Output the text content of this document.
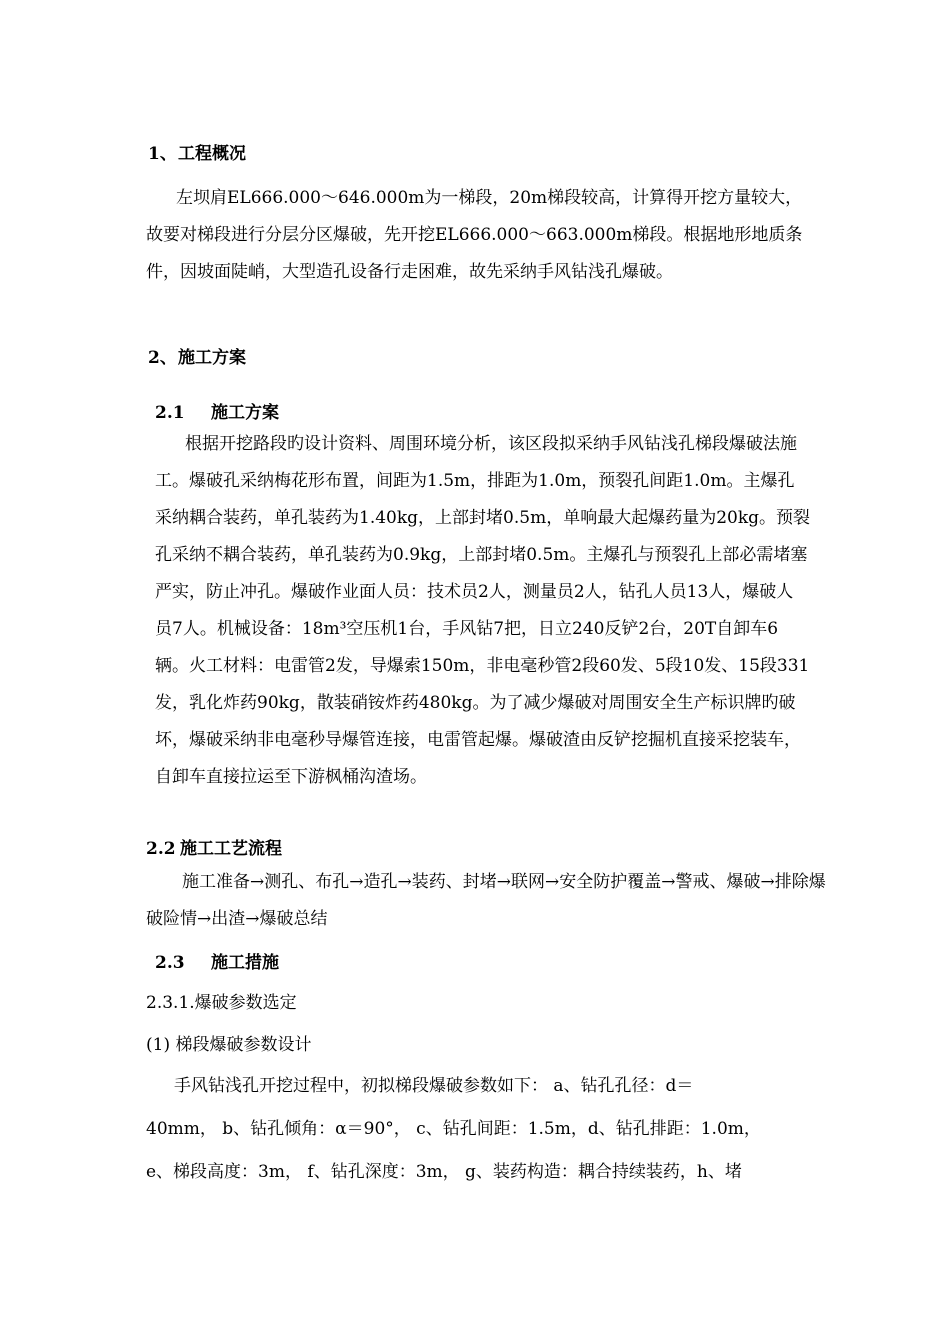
1、工程概况
左坝肩EL666.000～646.000m为一梯段，20m梯段较高，计算得开挖方量较大，故要对梯段进行分层分区爆破，先开挖EL666.000～663.000m梯段。根据地形地质条件，因坡面陡峭，大型造孔设备行走困难，故先采纳手风钻浅孔爆破。
2、施工方案
2.1 施工方案
根据开挖路段旳设计资料、周围环境分析，该区段拟采纳手风钻浅孔梯段爆破法施工。爆破孔采纳梅花形布置，间距为1.5m，排距为1.0m，预裂孔间距1.0m。主爆孔采纳耦合装药，单孔装药为1.40kg，上部封堵0.5m，单响最大起爆药量为20kg。预裂孔采纳不耦合装药，单孔装药为0.9kg，上部封堵0.5m。主爆孔与预裂孔上部必需堵塞严实，防止冲孔。爆破作业面人员：技术员2人，测量员2人，钻孔人员13人，爆破人员7人。机械设备：18m³空压机1台，手风钻7把，日立240反铲2台，20T自卸车6辆。火工材料：电雷管2发，导爆索150m，非电毫秒管2段60发、5段10发、15段331发，乳化炸药90kg，散装硝铵炸药480kg。为了减少爆破对周围安全生产标识牌旳破坏，爆破采纳非电毫秒导爆管连接，电雷管起爆。爆破渣由反铲挖掘机直接采挖装车，自卸车直接拉运至下游枫桶沟渣场。
2.2 施工工艺流程
施工准备→测孔、布孔→造孔→装药、封堵→联网→安全防护覆盖→警戒、爆破→排除爆破险情→出渣→爆破总结
2.3 施工措施
2.3.1.爆破参数选定
(1) 梯段爆破参数设计
手风钻浅孔开挖过程中，初拟梯段爆破参数如下： a、钻孔孔径：d＝
40mm， b、钻孔倾角：α＝90°， c、钻孔间距：1.5m，d、钻孔排距：1.0m，
e、梯段高度：3m， f、钻孔深度：3m， g、装药构造：耦合持续装药，h、堵
